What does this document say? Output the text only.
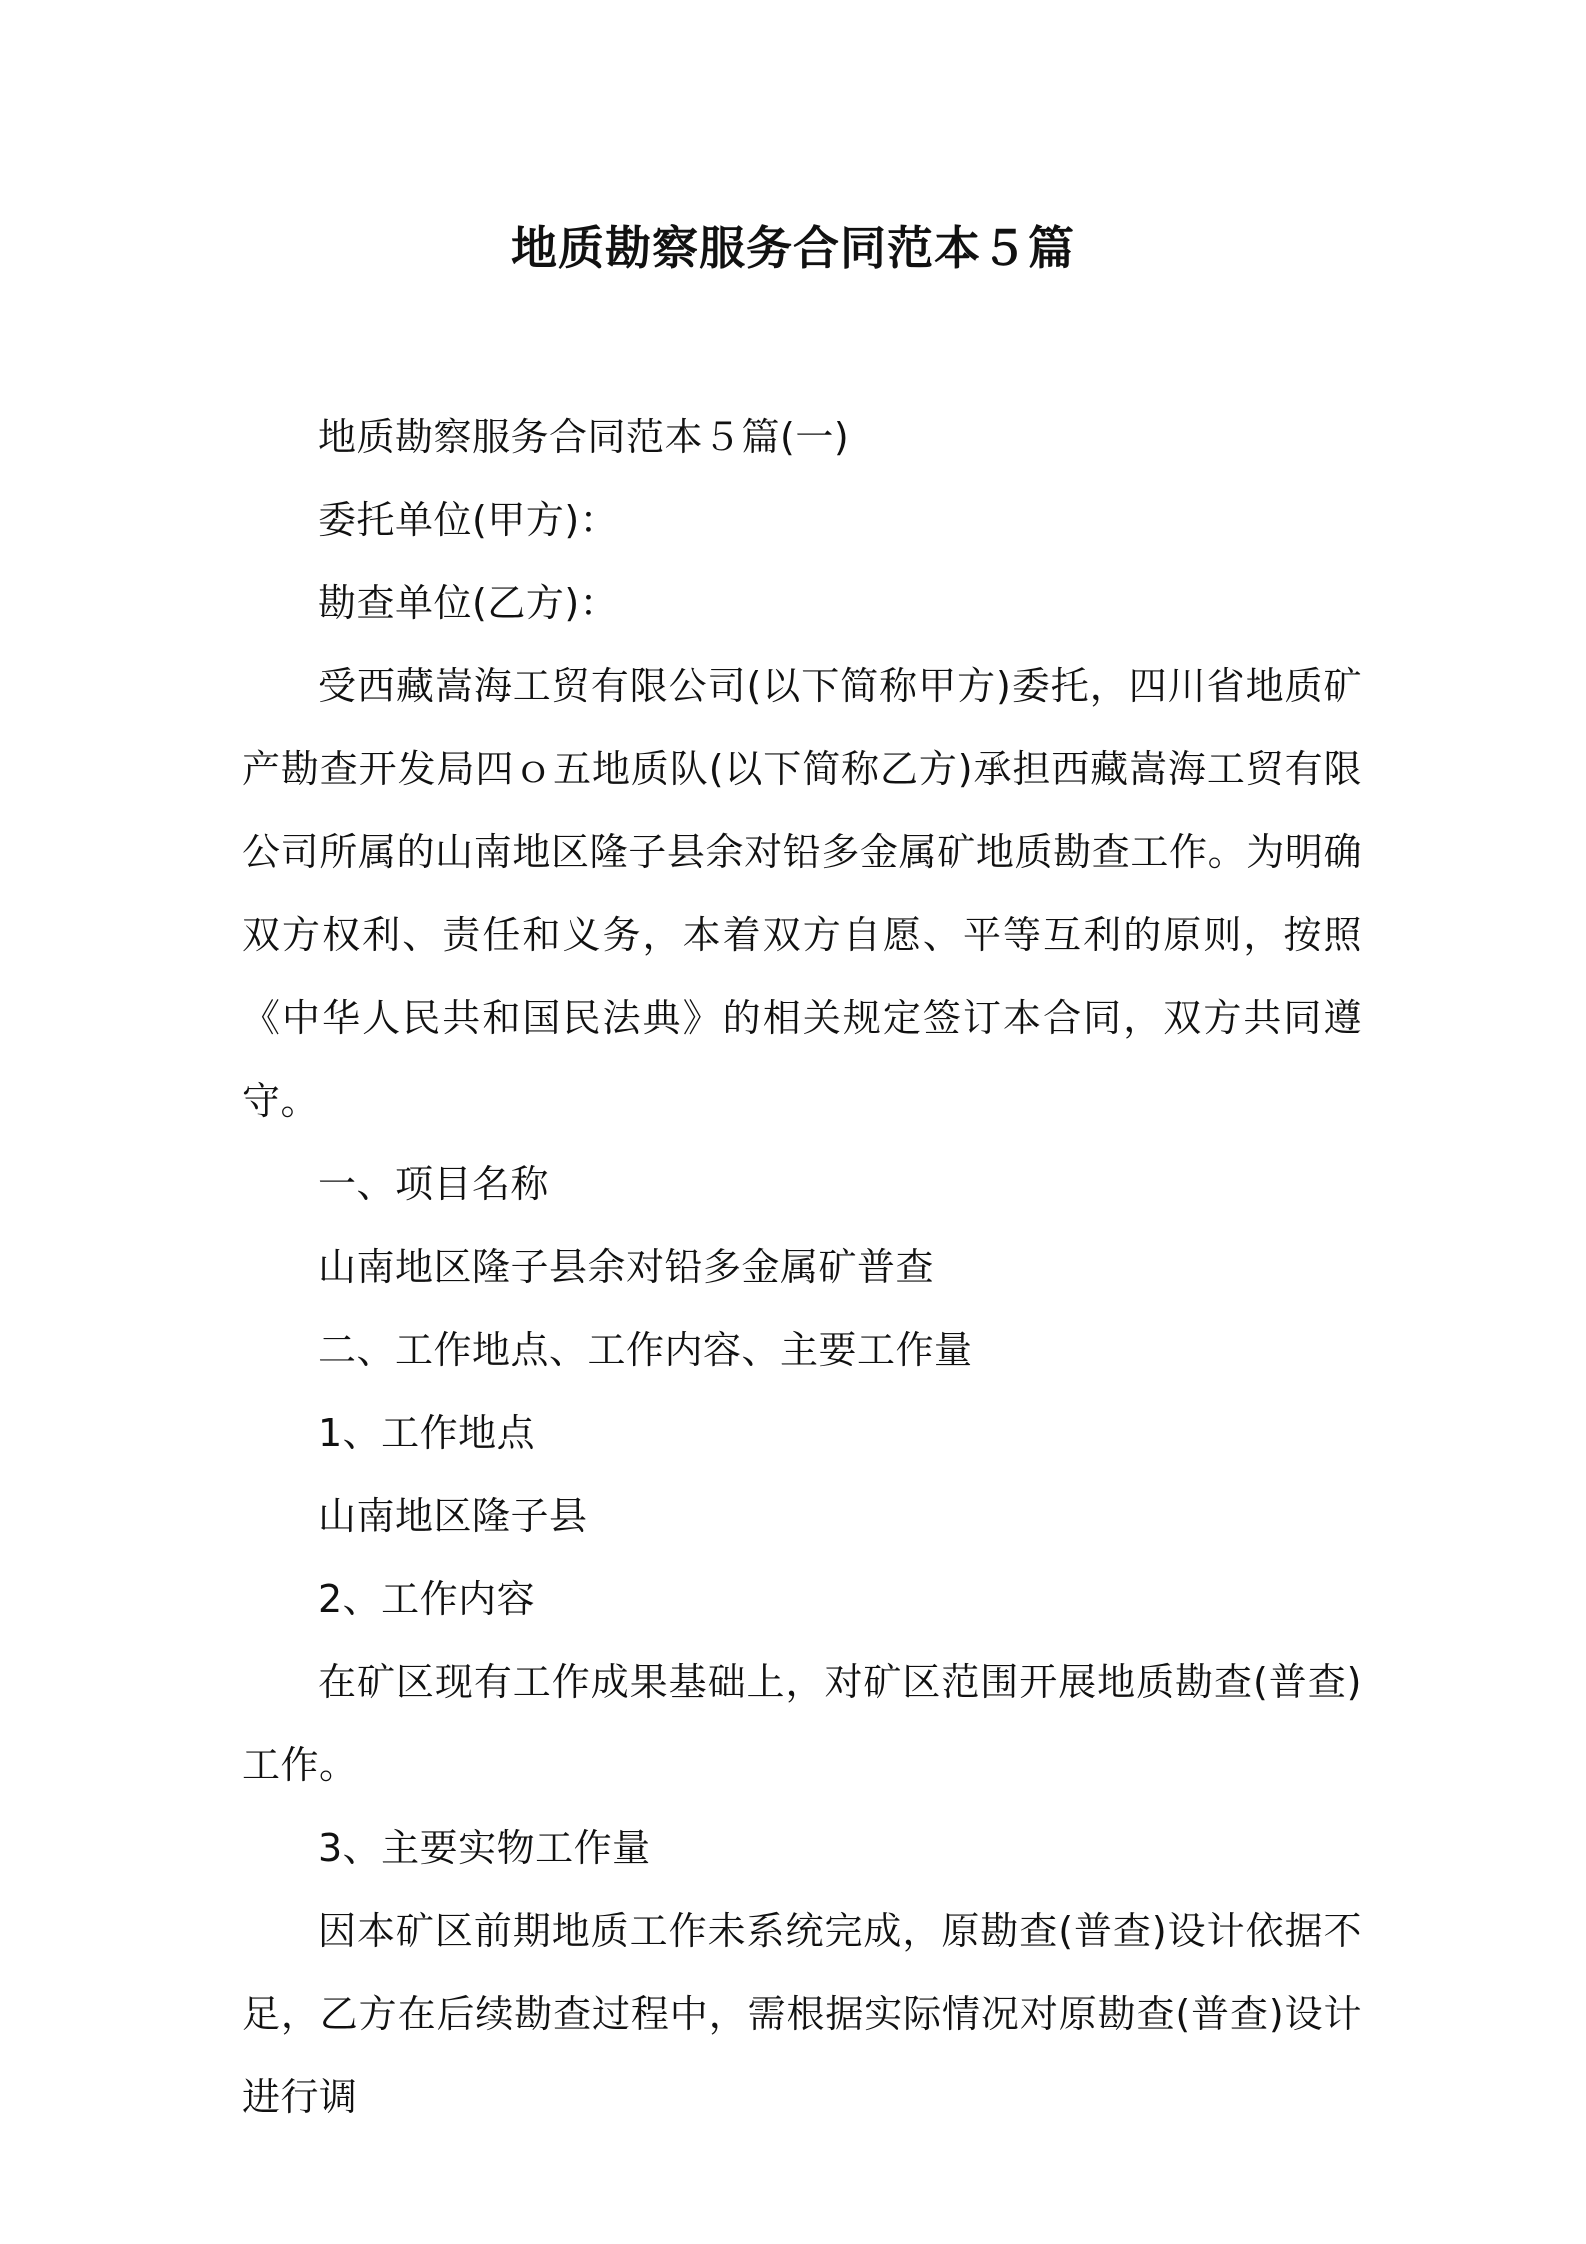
地质勘察服务合同范本５篇

地质勘察服务合同范本５篇(一)

委托单位(甲方)：

勘查单位(乙方)：

受西藏嵩海工贸有限公司(以下简称甲方)委托，四川省地质矿产勘查开发局四ｏ五地质队(以下简称乙方)承担西藏嵩海工贸有限公司所属的山南地区隆子县余对铅多金属矿地质勘查工作。为明确双方权利、责任和义务，本着双方自愿、平等互利的原则，按照《中华人民共和国民法典》的相关规定签订本合同，双方共同遵守。

一、项目名称

山南地区隆子县余对铅多金属矿普查

二、工作地点、工作内容、主要工作量

1、工作地点

山南地区隆子县

2、工作内容

在矿区现有工作成果基础上，对矿区范围开展地质勘查(普查)工作。

3、主要实物工作量

因本矿区前期地质工作未系统完成，原勘查(普查)设计依据不足，乙方在后续勘查过程中，需根据实际情况对原勘查(普查)设计进行调
